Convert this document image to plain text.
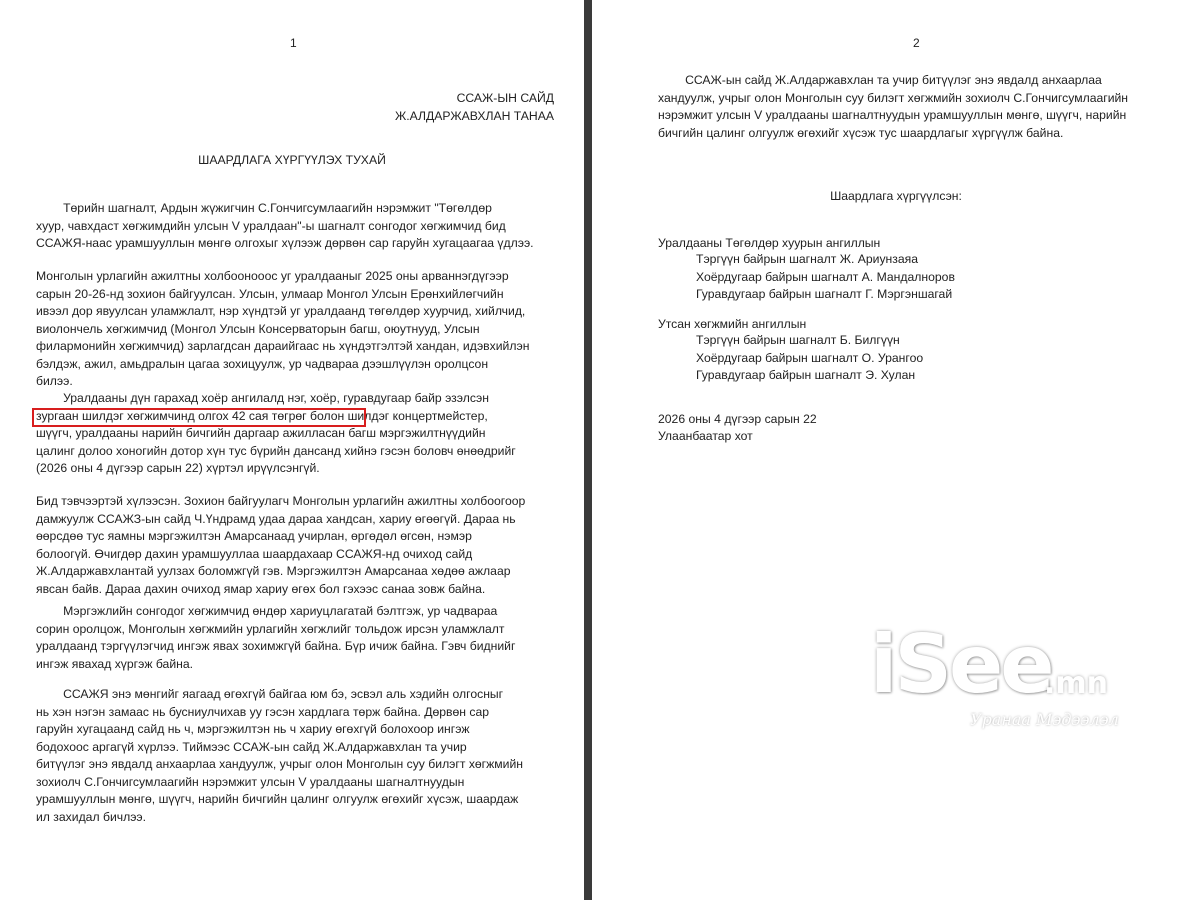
1
ССАЖ-ЫН САЙД
Ж.АЛДАРЖАВХЛАН ТАНАА
ШААРДЛАГА ХҮРГҮҮЛЭХ ТУХАЙ
Төрийн шагналт, Ардын жүжигчин С.Гончигсумлаагийн нэрэмжит "Төгөлдөр
хуур, чавхдаст хөгжимдийн улсын V уралдаан"-ы шагналт сонгодог хөгжимчид бид
ССАЖЯ-наас урамшууллын мөнгө олгохыг хүлээж дөрвөн сар гаруйн хугацаагаа үдлээ.
Монголын урлагийн ажилтны холбоонооос уг уралдааныг 2025 оны арваннэгдүгээр
сарын 20-26-нд зохион байгуулсан. Улсын, улмаар Монгол Улсын Ерөнхийлөгчийн
ивээл дор явуулсан уламжлалт, нэр хүндтэй уг уралдаанд төгөлдөр хуурчид, хийлчид,
виолончель хөгжимчид (Монгол Улсын Консерваторын багш, оюутнууд, Улсын
филармонийн хөгжимчид) зарлагдсан дараийгаас нь хүндэтгэлтэй хандан, идэвхийлэн
бэлдэж, ажил, амьдралын цагаа зохицуулж, ур чадвараа дээшлүүлэн оролцсон
билээ.
Уралдааны дүн гарахад хоёр ангилалд нэг, хоёр, гуравдугаар байр эзэлсэн
зургаан шилдэг хөгжимчинд олгох 42 сая төгрөг болон шилдэг концертмейстер,
шүүгч, уралдааны нарийн бичгийн даргаар ажилласан багш мэргэжилтнүүдийн
цалинг долоо хоногийн дотор хүн тус бүрийн дансанд хийнэ гэсэн боловч өнөөдрийг
(2026 оны 4 дүгээр сарын 22) хүртэл ирүүлсэнгүй.
Бид тэвчээртэй хүлээсэн. Зохион байгуулагч Монголын урлагийн ажилтны холбоогоор
дамжуулж ССАЖЗ-ын сайд Ч.Үндрамд удаа дараа хандсан, хариу өгөөгүй. Дараа нь
өөрсдөө тус яамны мэргэжилтэн Амарсанаад учирлан, өргөдөл өгсөн, нэмэр
болоогүй. Өчигдөр дахин урамшууллаа шаардахаар ССАЖЯ-нд очиход сайд
Ж.Алдаржавхлантай уулзах боломжгүй гэв. Мэргэжилтэн Амарсанаа хөдөө ажлаар
явсан байв. Дараа дахин очиход ямар хариу өгөх бол гэхээс санаа зовж байна.
Мэргэжлийн сонгодог хөгжимчид өндөр хариуцлагатай бэлтгэж, ур чадвараа
сорин оролцож, Монголын хөгжмийн урлагийн хөгжлийг тольдож ирсэн уламжлалт
уралдаанд тэргүүлэгчид ингэж явах зохимжгүй байна. Бүр ичиж байна. Гэвч биднийг
ингэж явахад хүргэж байна.
ССАЖЯ энэ мөнгийг яагаад өгөхгүй байгаа юм бэ, эсвэл аль хэдийн олгосныг
нь хэн нэгэн замаас нь бусниулчихав уу гэсэн хардлага төрж байна. Дөрвөн сар
гаруйн хугацаанд сайд нь ч, мэргэжилтэн нь ч хариу өгөхгүй болохоор ингэж
бодохоос аргагүй хүрлээ. Тиймээс ССАЖ-ын сайд Ж.Алдаржавхлан та учир
битүүлэг энэ явдалд анхаарлаа хандуулж, учрыг олон Монголын суу билэгт хөгжмийн
зохиолч С.Гончигсумлаагийн нэрэмжит улсын V уралдааны шагналтнуудын
урамшууллын мөнгө, шүүгч, нарийн бичгийн цалинг олгуулж өгөхийг хүсэж, шаардаж
ил захидал бичлээ.
2
ССАЖ-ын сайд Ж.Алдаржавхлан та учир битүүлэг энэ явдалд анхаарлаа
хандуулж, учрыг олон Монголын суу билэгт хөгжмийн зохиолч С.Гончигсумлаагийн
нэрэмжит улсын V уралдааны шагналтнуудын урамшууллын мөнгө, шүүгч, нарийн
бичгийн цалинг олгуулж өгөхийг хүсэж тус шаардлагыг хүргүүлж байна.
Шаардлага хүргүүлсэн:
Уралдааны Төгөлдөр хуурын ангиллын
Тэргүүн байрын шагналт Ж. Ариунзаяа
Хоёрдугаар байрын шагналт А. Мандалноров
Гуравдугаар байрын шагналт Г. Мэргэншагай
Утсан хөгжмийн ангиллын
Тэргүүн байрын шагналт Б. Билгүүн
Хоёрдугаар байрын шагналт О. Урангоо
Гуравдугаар байрын шагналт Э. Хулан
2026 оны 4 дүгээр сарын 22
Улаанбаатар хот
iSee
.mn
Уранаа Мэдээлэл
